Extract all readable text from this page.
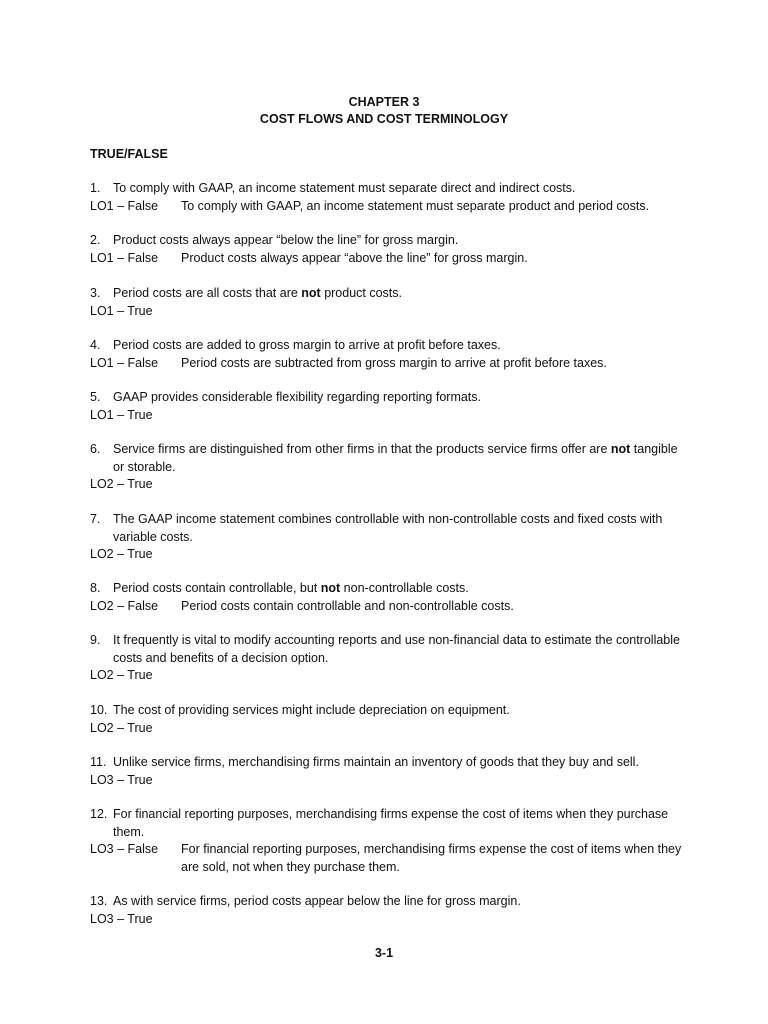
CHAPTER 3
COST FLOWS AND COST TERMINOLOGY
TRUE/FALSE
1.	To comply with GAAP, an income statement must separate direct and indirect costs.
LO1 – False	To comply with GAAP, an income statement must separate product and period costs.
2.	Product costs always appear “below the line” for gross margin.
LO1 – False	Product costs always appear “above the line” for gross margin.
3.	Period costs are all costs that are not product costs.
LO1 – True
4.	Period costs are added to gross margin to arrive at profit before taxes.
LO1 – False	Period costs are subtracted from gross margin to arrive at profit before taxes.
5.	GAAP provides considerable flexibility regarding reporting formats.
LO1 – True
6.	Service firms are distinguished from other firms in that the products service firms offer are not tangible or storable.
LO2 – True
7.	The GAAP income statement combines controllable with non-controllable costs and fixed costs with variable costs.
LO2 – True
8.	Period costs contain controllable, but not non-controllable costs.
LO2 – False	Period costs contain controllable and non-controllable costs.
9.	It frequently is vital to modify accounting reports and use non-financial data to estimate the controllable costs and benefits of a decision option.
LO2 – True
10. The cost of providing services might include depreciation on equipment.
LO2 – True
11. Unlike service firms, merchandising firms maintain an inventory of goods that they buy and sell.
LO3 – True
12. For financial reporting purposes, merchandising firms expense the cost of items when they purchase them.
LO3 – False	For financial reporting purposes, merchandising firms expense the cost of items when they are sold, not when they purchase them.
13. As with service firms, period costs appear below the line for gross margin.
LO3 – True
3-1
